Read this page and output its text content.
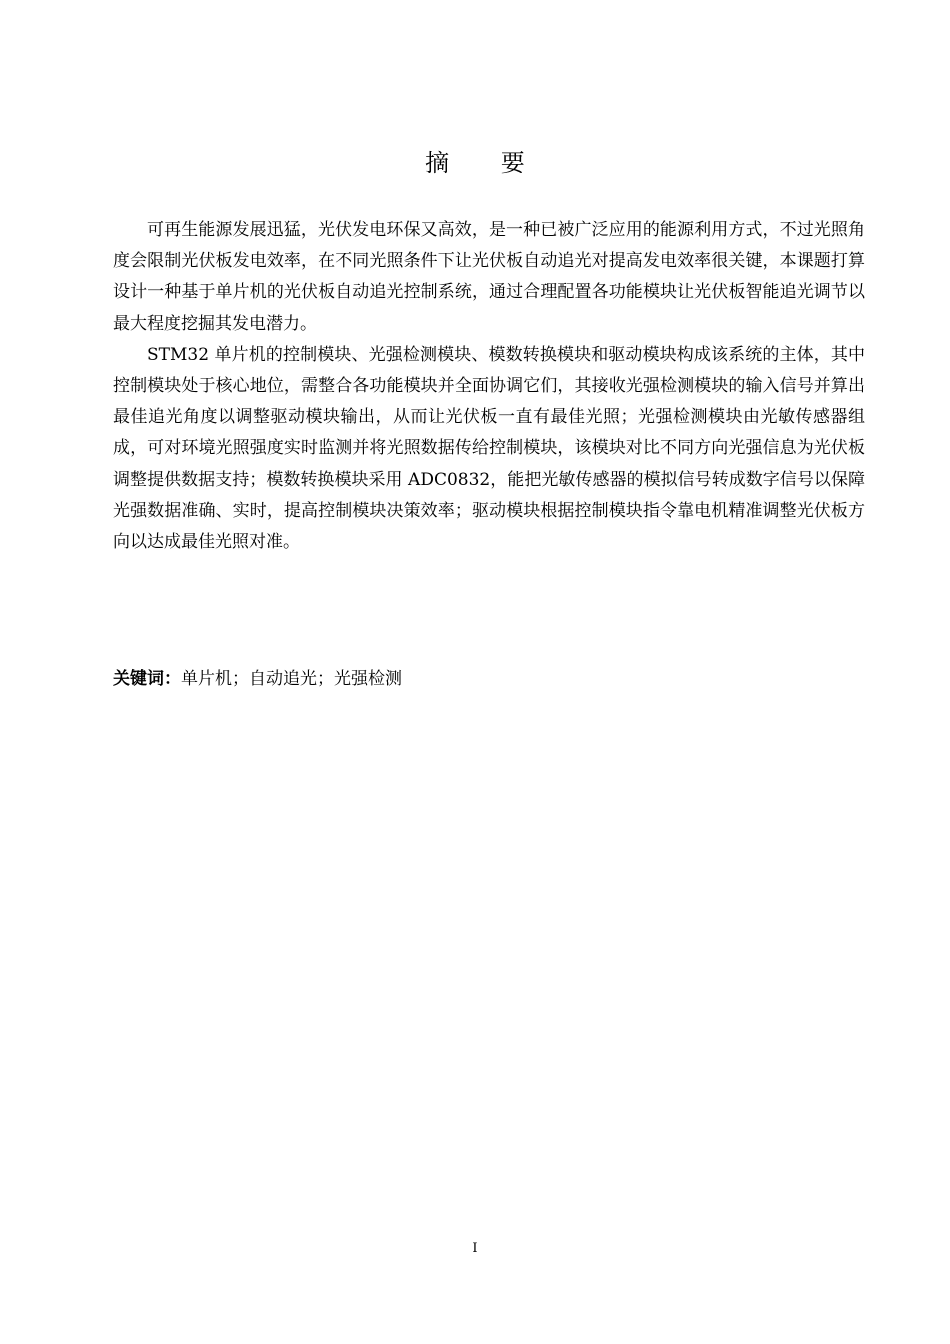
摘 要

可再生能源发展迅猛，光伏发电环保又高效，是一种已被广泛应用的能源利用方式，不过光照角度会限制光伏板发电效率，在不同光照条件下让光伏板自动追光对提高发电效率很关键，本课题打算设计一种基于单片机的光伏板自动追光控制系统，通过合理配置各功能模块让光伏板智能追光调节以最大程度挖掘其发电潜力。

STM32 单片机的控制模块、光强检测模块、模数转换模块和驱动模块构成该系统的主体，其中控制模块处于核心地位，需整合各功能模块并全面协调它们，其接收光强检测模块的输入信号并算出最佳追光角度以调整驱动模块输出，从而让光伏板一直有最佳光照；光强检测模块由光敏传感器组成，可对环境光照强度实时监测并将光照数据传给控制模块，该模块对比不同方向光强信息为光伏板调整提供数据支持；模数转换模块采用 ADC0832，能把光敏传感器的模拟信号转成数字信号以保障光强数据准确、实时，提高控制模块决策效率；驱动模块根据控制模块指令靠电机精准调整光伏板方向以达成最佳光照对准。

关键词：单片机；自动追光；光强检测
I
